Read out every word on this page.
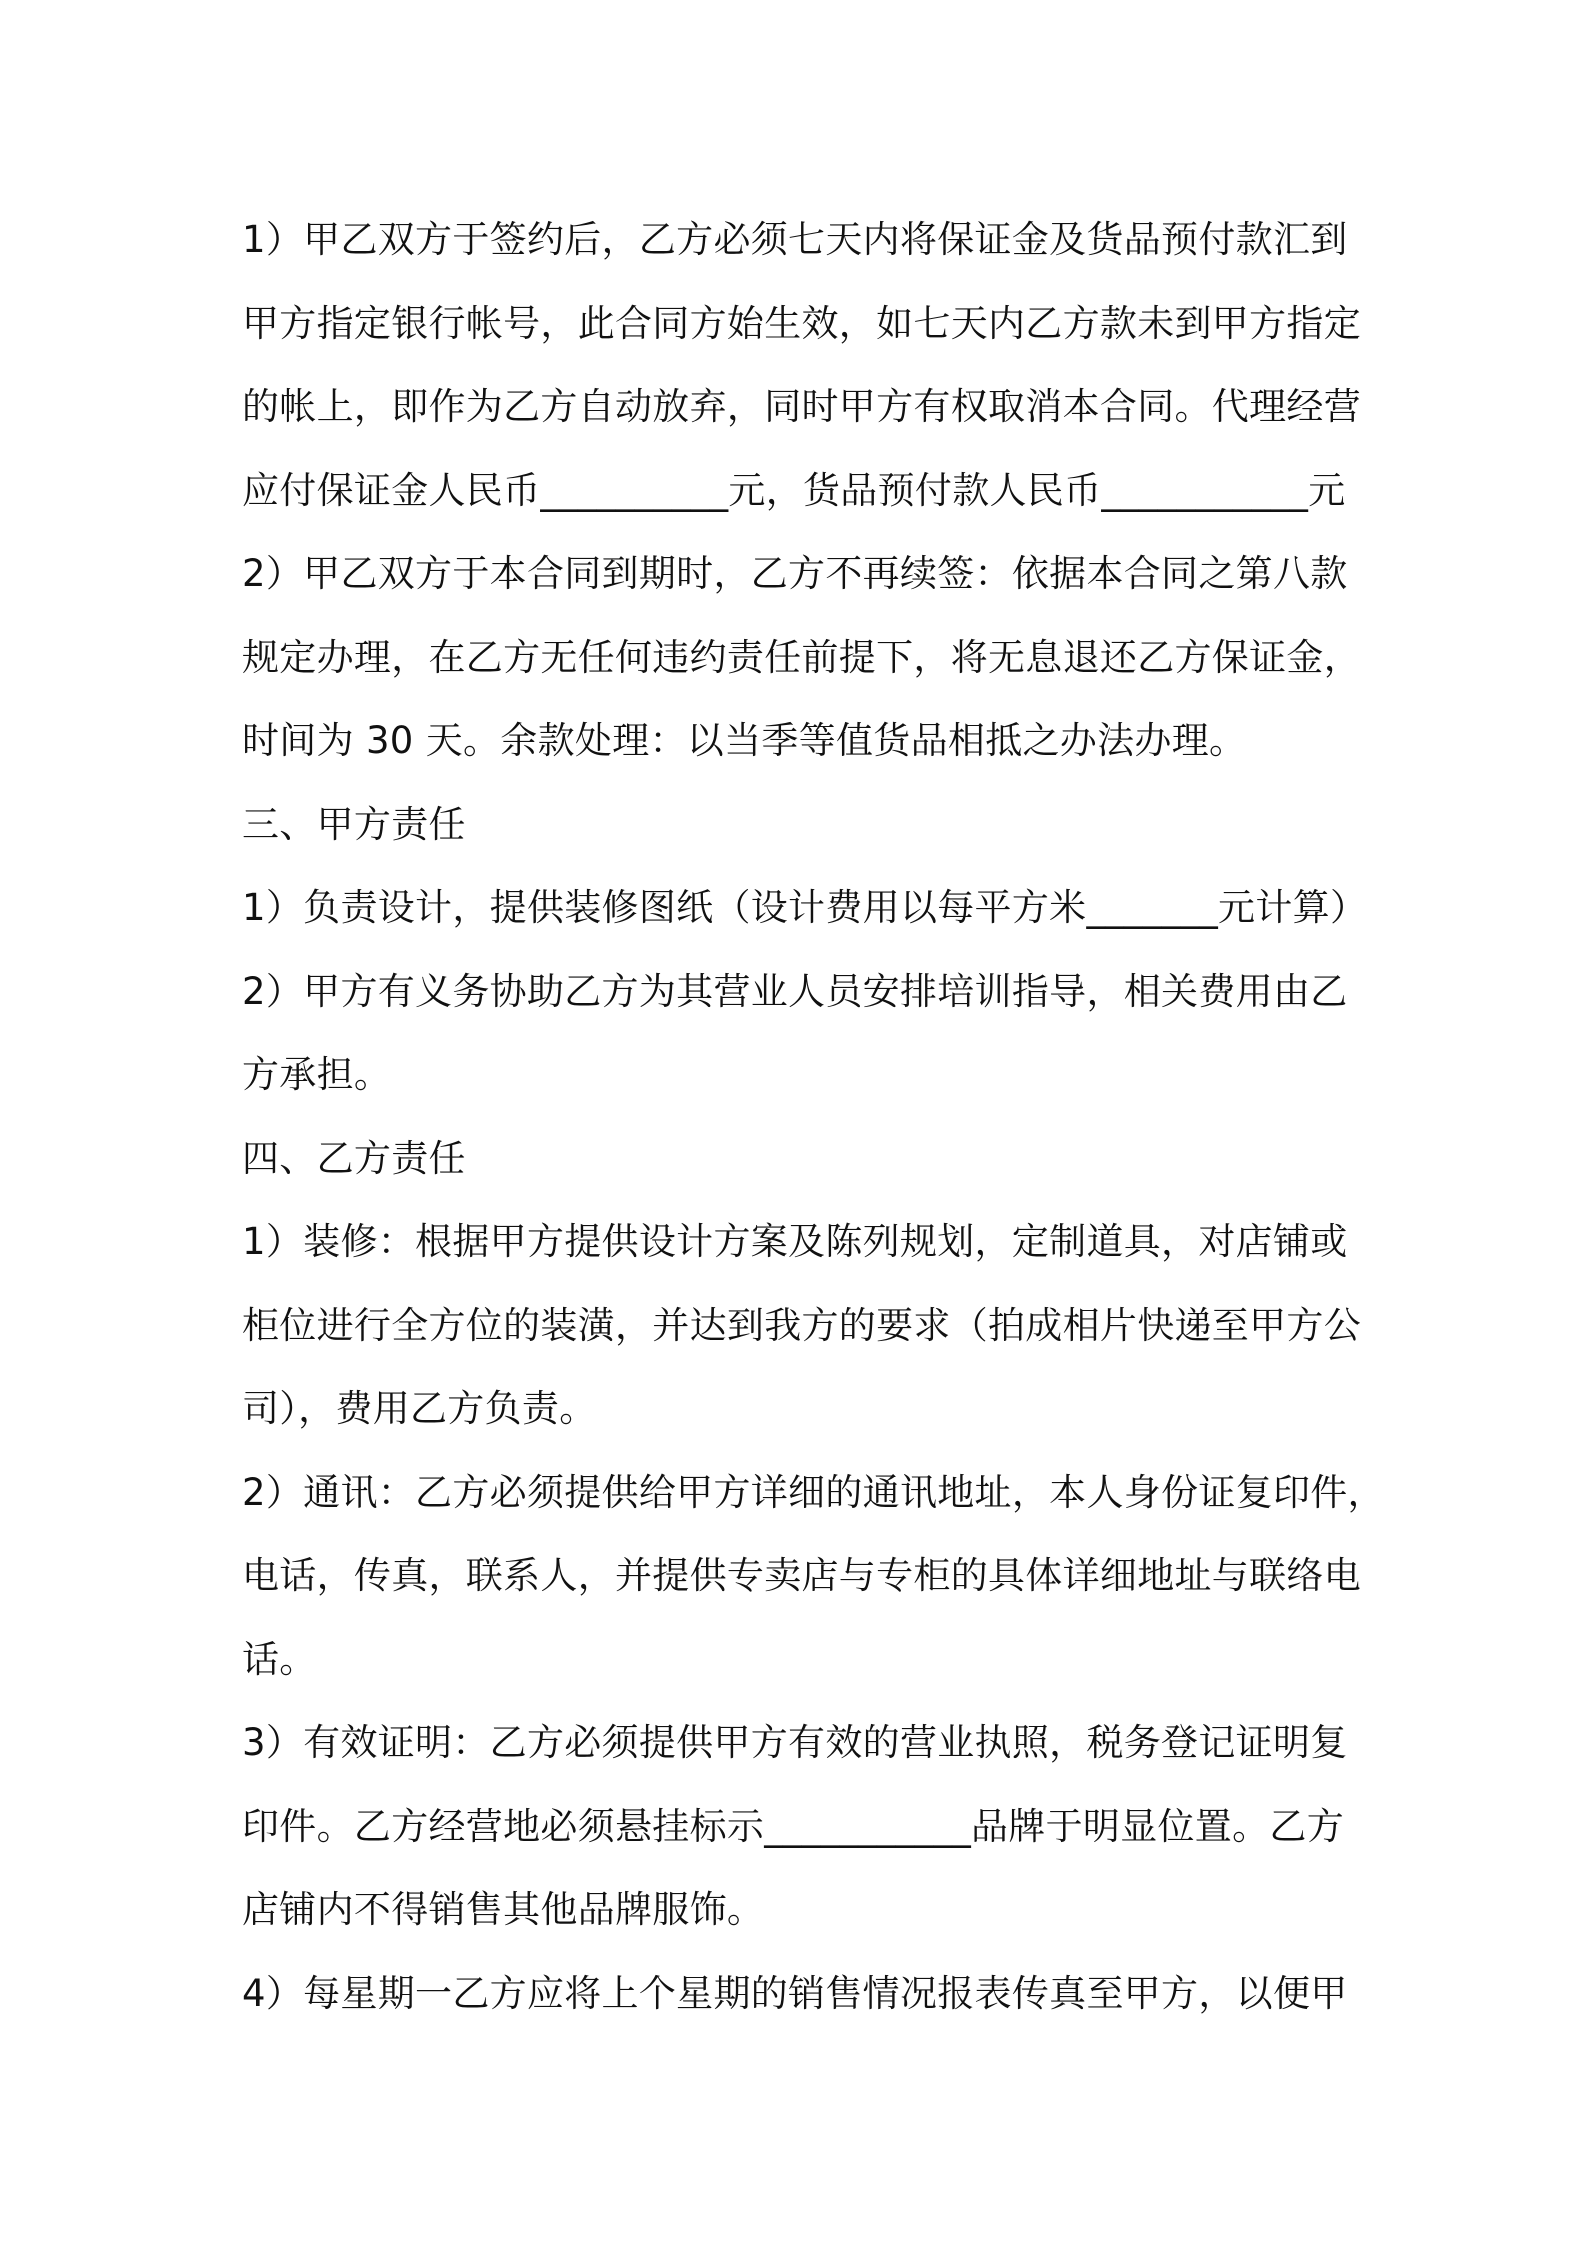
1）甲乙双方于签约后，乙方必须七天内将保证金及货品预付款汇到
甲方指定银行帐号，此合同方始生效，如七天内乙方款未到甲方指定
的帐上，即作为乙方自动放弃，同时甲方有权取消本合同。代理经营
应付保证金人民币__________元，货品预付款人民币___________元
2）甲乙双方于本合同到期时，乙方不再续签：依据本合同之第八款
规定办理，在乙方无任何违约责任前提下，将无息退还乙方保证金，
时间为 30 天。余款处理：以当季等值货品相抵之办法办理。
三、甲方责任
1）负责设计，提供装修图纸（设计费用以每平方米_______元计算）
2）甲方有义务协助乙方为其营业人员安排培训指导，相关费用由乙
方承担。
四、乙方责任
1）装修：根据甲方提供设计方案及陈列规划，定制道具，对店铺或
柜位进行全方位的装潢，并达到我方的要求（拍成相片快递至甲方公
司），费用乙方负责。
2）通讯：乙方必须提供给甲方详细的通讯地址，本人身份证复印件，
电话，传真，联系人，并提供专卖店与专柜的具体详细地址与联络电
话。
3）有效证明：乙方必须提供甲方有效的营业执照，税务登记证明复
印件。乙方经营地必须悬挂标示___________品牌于明显位置。乙方
店铺内不得销售其他品牌服饰。
4）每星期一乙方应将上个星期的销售情况报表传真至甲方，以便甲
